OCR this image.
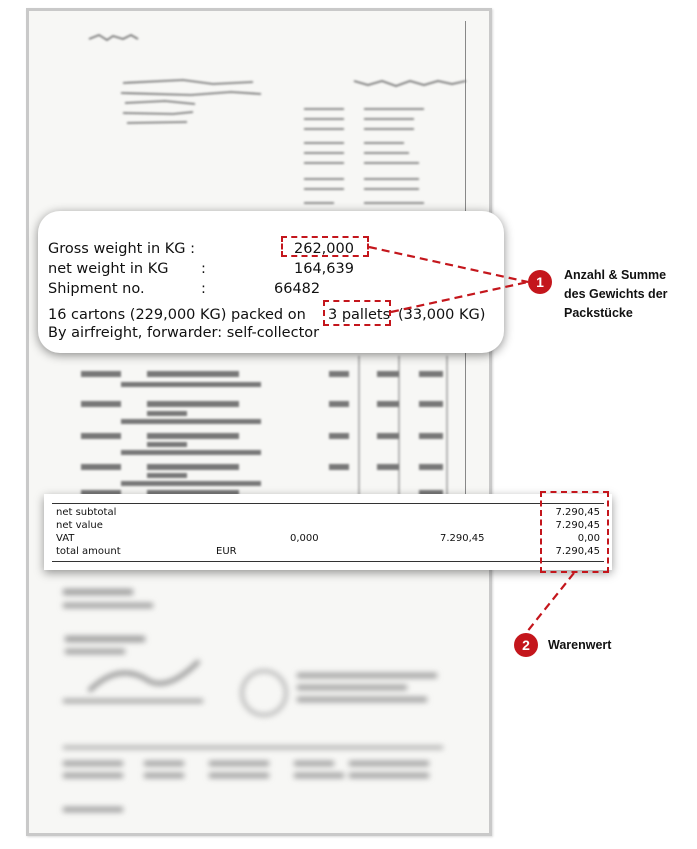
Gross weight in KG :	262,000
net weight in KG :	164,639
Shipment no.	:	66482
16 cartons (229,000 KG) packed on 3 pallets (33,000 KG)
By airfreight, forwarder: self-collector
net subtotal	7.290,45
net value	7.290,45
VAT	0,000	7.290,45	0,00
total amount	EUR	7.290,45
1	Anzahl & Summe des Gewichts der Packstücke
2	Warenwert
